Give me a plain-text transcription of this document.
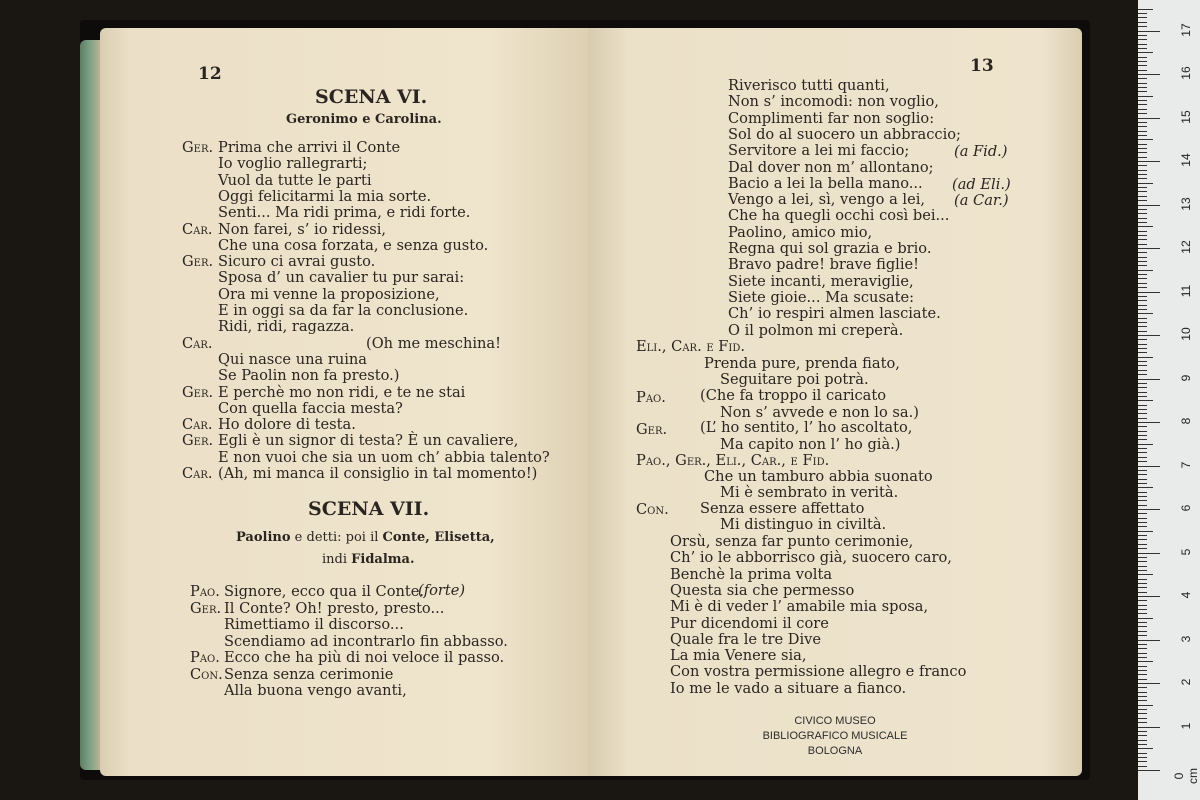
12
SCENA VI.
Geronimo e Carolina.
Ger. Prima che arrivi il Conte
Io voglio rallegrarti;
Vuol da tutte le parti
Oggi felicitarmi la mia sorte.
Senti... Ma ridi prima, e ridi forte.
Car. Non farei, s’ io ridessi,
Che una cosa forzata, e senza gusto.
Ger. Sicuro ci avrai gusto.
Sposa d’ un cavalier tu pur sarai:
Ora mi venne la proposizione,
E in oggi sa da far la conclusione.
Ridi, ridi, ragazza.
Car.	(Oh me meschina!
Qui nasce una ruina
Se Paolin non fa presto.)
Ger. E perchè mo non ridi, e te ne stai
Con quella faccia mesta?
Car. Ho dolore di testa.
Ger. Egli è un signor di testa? È un cavaliere,
E non vuoi che sia un uom ch’ abbia talento?
Car. (Ah, mi manca il consiglio in tal momento!)
SCENA VII.
Paolino e detti: poi il Conte, Elisetta,
indi Fidalma.
Pao. Signore, ecco qua il Conte.
Ger. Il Conte? Oh! presto, presto...
Rimettiamo il discorso...
Scendiamo ad incontrarlo fin abbasso.
Pao. Ecco che ha più di noi veloce il passo.
Con. Senza senza cerimonie
Alla buona vengo avanti,
(forte)
13
Riverisco tutti quanti,
Non s’ incomodi: non voglio,
Complimenti far non soglio:
Sol do al suocero un abbraccio;
Servitore a lei mi faccio;
Dal dover non m’ allontano;
Bacio a lei la bella mano...
Vengo a lei, sì, vengo a lei,
Che ha quegli occhi così bei...
Paolino, amico mio,
Regna qui sol grazia e brio.
Bravo padre! brave figlie!
Siete incanti, meraviglie,
Siete gioie... Ma scusate:
Ch’ io respiri almen lasciate.
O il polmon mi creperà.
(a Fid.)
(ad Eli.)
(a Car.)
Eli., Car. e Fid.
Prenda pure, prenda fiato,
Seguitare poi potrà.
Pao. (Che fa troppo il caricato
Non s’ avvede e non lo sa.)
Ger. (L’ ho sentito, l’ ho ascoltato,
Ma capito non l’ ho già.)
Pao., Ger., Eli., Car., e Fid.
Che un tamburo abbia suonato
Mi è sembrato in verità.
Con. Senza essere affettato
Mi distinguo in civiltà.
Orsù, senza far punto cerimonie,
Ch’ io le abborrisco già, suocero caro,
Benchè la prima volta
Questa sia che permesso
Mi è di veder l’ amabile mia sposa,
Pur dicendomi il core
Quale fra le tre Dive
La mia Venere sia,
Con vostra permissione allegro e franco
Io me le vado a situare a fianco.
CIVICO MUSEO
BIBLIOGRAFICO MUSICALE
BOLOGNA
0 cm
1
2
3
4
5
6
7
8
9
10
11
12
13
14
15
16
17
